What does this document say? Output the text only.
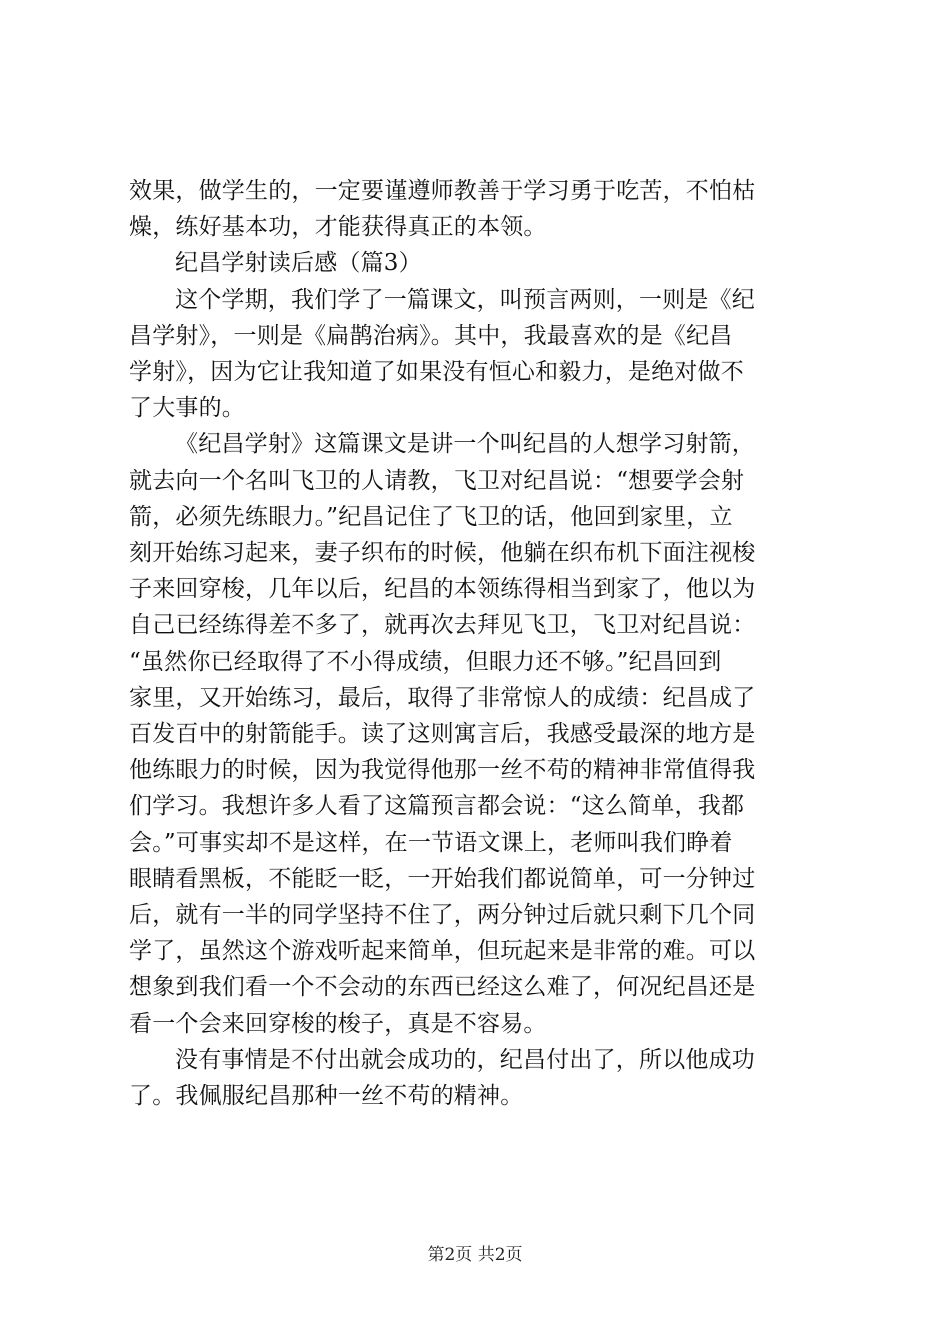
效果，做学生的，一定要谨遵师教善于学习勇于吃苦，不怕枯
燥，练好基本功，才能获得真正的本领。

纪昌学射读后感（篇3）

这个学期，我们学了一篇课文，叫预言两则，一则是《纪
昌学射》，一则是《扁鹊治病》。其中，我最喜欢的是《纪昌
学射》，因为它让我知道了如果没有恒心和毅力，是绝对做不
了大事的。

《纪昌学射》这篇课文是讲一个叫纪昌的人想学习射箭，
就去向一个名叫飞卫的人请教，飞卫对纪昌说：“想要学会射
箭，必须先练眼力。”纪昌记住了飞卫的话，他回到家里，立
刻开始练习起来，妻子织布的时候，他躺在织布机下面注视梭
子来回穿梭，几年以后，纪昌的本领练得相当到家了，他以为
自己已经练得差不多了，就再次去拜见飞卫，飞卫对纪昌说：
“虽然你已经取得了不小得成绩，但眼力还不够。”纪昌回到
家里，又开始练习，最后，取得了非常惊人的成绩：纪昌成了
百发百中的射箭能手。读了这则寓言后，我感受最深的地方是
他练眼力的时候，因为我觉得他那一丝不苟的精神非常值得我
们学习。我想许多人看了这篇预言都会说：“这么简单，我都
会。”可事实却不是这样，在一节语文课上，老师叫我们睁着
眼睛看黑板，不能眨一眨，一开始我们都说简单，可一分钟过
后，就有一半的同学坚持不住了，两分钟过后就只剩下几个同
学了，虽然这个游戏听起来简单，但玩起来是非常的难。可以
想象到我们看一个不会动的东西已经这么难了，何况纪昌还是
看一个会来回穿梭的梭子，真是不容易。

没有事情是不付出就会成功的，纪昌付出了，所以他成功
了。我佩服纪昌那种一丝不苟的精神。

第2页 共2页
